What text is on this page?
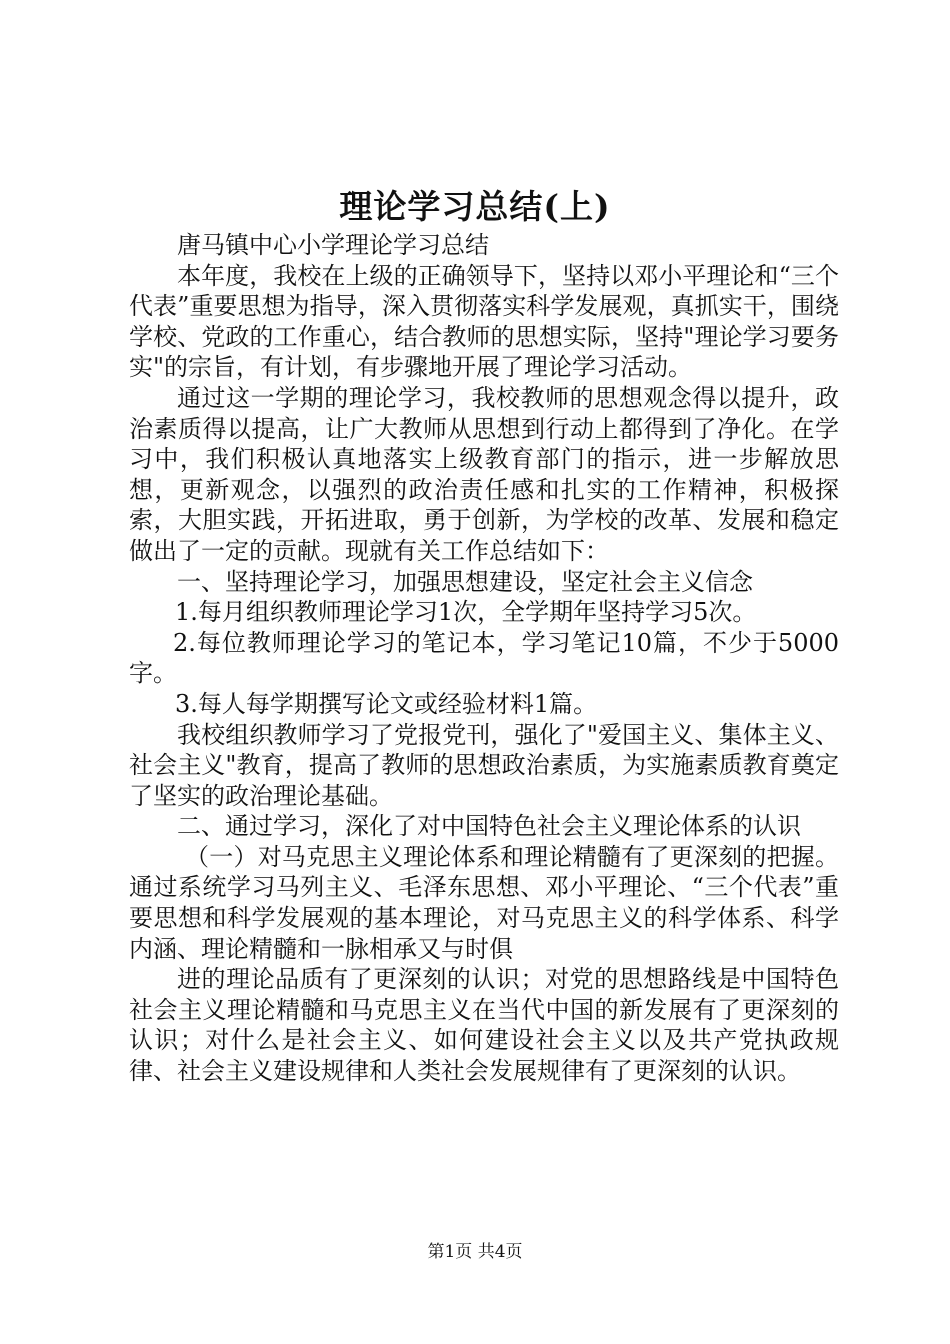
理论学习总结(上)

唐马镇中心小学理论学习总结

本年度，我校在上级的正确领导下，坚持以邓小平理论和“三个代表”重要思想为指导，深入贯彻落实科学发展观，真抓实干，围绕学校、党政的工作重心，结合教师的思想实际，坚持"理论学习要务实"的宗旨，有计划，有步骤地开展了理论学习活动。

通过这一学期的理论学习，我校教师的思想观念得以提升，政治素质得以提高，让广大教师从思想到行动上都得到了净化。在学习中，我们积极认真地落实上级教育部门的指示，进一步解放思想，更新观念，以强烈的政治责任感和扎实的工作精神，积极探索，大胆实践，开拓进取，勇于创新，为学校的改革、发展和稳定做出了一定的贡献。现就有关工作总结如下：

一、坚持理论学习，加强思想建设，坚定社会主义信念

1.每月组织教师理论学习1次，全学期年坚持学习5次。

2.每位教师理论学习的笔记本，学习笔记10篇，不少于5000字。

3.每人每学期撰写论文或经验材料1篇。

我校组织教师学习了党报党刊，强化了"爱国主义、集体主义、社会主义"教育，提高了教师的思想政治素质，为实施素质教育奠定了坚实的政治理论基础。

二、通过学习，深化了对中国特色社会主义理论体系的认识

（一）对马克思主义理论体系和理论精髓有了更深刻的把握。通过系统学习马列主义、毛泽东思想、邓小平理论、“三个代表”重要思想和科学发展观的基本理论，对马克思主义的科学体系、科学内涵、理论精髓和一脉相承又与时俱

进的理论品质有了更深刻的认识；对党的思想路线是中国特色社会主义理论精髓和马克思主义在当代中国的新发展有了更深刻的认识；对什么是社会主义、如何建设社会主义以及共产党执政规律、社会主义建设规律和人类社会发展规律有了更深刻的认识。

第1页 共4页
